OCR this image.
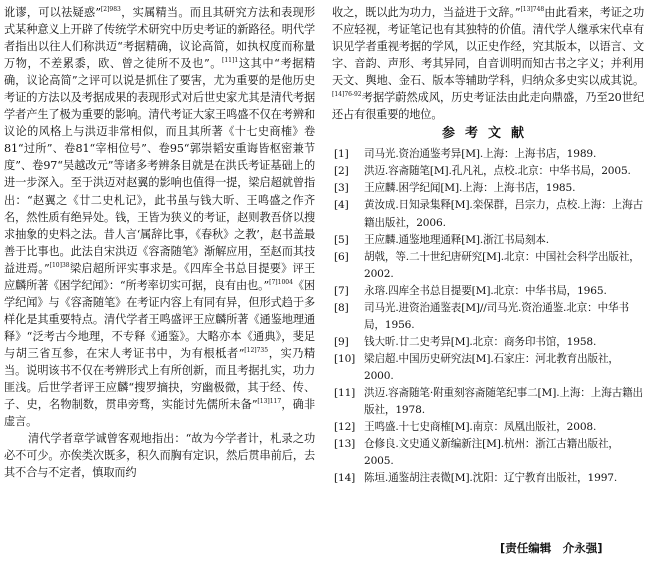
讹谬，可以祛疑惑”$^{[2]983}$，实属精当。而且其研究方法和表现形式某种意义上开辟了传统学术研究中历史考证的新路径。明代学者指出以往人们称洪迈“考据精确，议论高简，如执权度而称量万物，不差累黍，欧、曾之徒所不及也”。$^{[11]1}$这其中“考据精确，议论高简”之评可以说是抓住了要害，尤为重要的是他历史考证的方法以及考据成果的表现形式对后世史家尤其是清代考据学者产生了极为重要的影响。清代考证大家王鸣盛不仅在考辨和议论的风格上与洪迈非常相似，而且其所著《十七史商榷》卷81“过所”、卷81“宰相位号”、卷95“郭崇韬安重诲皆枢密兼节度”、卷97“吴越改元”等诸多考辨条目就是在洪氏考证基础上的进一步深入。至于洪迈对赵翼的影响也值得一提，梁启超就曾指出：“赵翼之《廿二史札记》，此书虽与钱大昕、王鸣盛之作齐名，然性质有绝异处。钱，王皆为狭义的考证，赵则教吾侪以搜求抽象的史料之法。昔人言‘属辞比事，《春秋》之教’，赵书盖最善于比事也。此法自宋洪迈《容斋随笔》渐解应用，至赵而其技益进焉。”$^{[10]38}$梁启超所评实事求是。《四库全书总目提要》评王应麟所著《困学纪闻》：“所考率切实可据，良有由也。”$^{[7]1004}$《困学纪闻》与《容斋随笔》在考证内容上有同有异，但形式趋于多样化是其重要特点。清代学者王鸣盛评王应麟所著《通鉴地理通释》“泛考古今地理，不专释《通鉴》。大略亦本《通典》，斐足与胡三省互参，在宋人考证书中，为有根柢者”$^{[12]735}$，实乃精当。说明该书不仅在考辨形式上有所创新，而且考据扎实，功力匪浅。后世学者评王应麟“搜罗摘抉，穷幽极微，其于经、传、子、史，名物制数，贯串旁骛，实能讨先儒所未备”$^{[13]117}$，确非虚言。

清代学者章学诚曾客观地指出：“故为今学者计，札录之功必不可少。亦俟类次既多，积久而胸有定识，然后贯串前后，去其不合与不定者，慎取而约

收之，既以此为功力，当益进于文辞。”$^{[13]748}$由此看来，考证之功不应轻视，考证笔记也有其独特的价值。清代学人继承宋代卓有识见学者重视考据的学风，以正史作经，究其版本，以语言、文字、音韵、声形、考其异同，自音训明而知古书之字义；并利用天文、舆地、金石、版本等辅助学科，归纳众多史实以成其说。$^{[14]76-92}$考据学蔚然成风，历史考证法由此走向鼎盛，乃至20世纪还占有很重要的地位。

参考文献
[1] 司马光.资治通鉴考异[M].上海：上海书店，1989.
[2] 洪迈.容斋随笔[M].孔凡礼，点校.北京：中华书局，2005.
[3] 王应麟.困学纪闻[M].上海：上海书店，1985.
[4] 黄汝成.日知录集释[M].栾保群，吕宗力，点校.上海：上海古籍出版社，2006.
[5] 王应麟.通鉴地理通释[M].浙江书局刻本.
[6] 胡戟，等.二十世纪唐研究[M].北京：中国社会科学出版社，2002.
[7] 永瑢.四库全书总目提要[M].北京：中华书局，1965.
[8] 司马光.进资治通鉴表[M]//司马光.资治通鉴.北京：中华书局，1956.
[9] 钱大昕.廿二史考异[M].北京：商务印书馆，1958.
[10] 梁启超.中国历史研究法[M].石家庄：河北教育出版社，2000.
[11] 洪迈.容斋随笔·附重刻容斋随笔纪事二[M].上海：上海古籍出版社，1978.
[12] 王鸣盛.十七史商榷[M].南京：凤凰出版社，2008.
[13] 仓修良.文史通义新编新注[M].杭州：浙江古籍出版社，2005.
[14] 陈垣.通鉴胡注表微[M].沈阳：辽宁教育出版社，1997.
[责任编辑　介永强]
